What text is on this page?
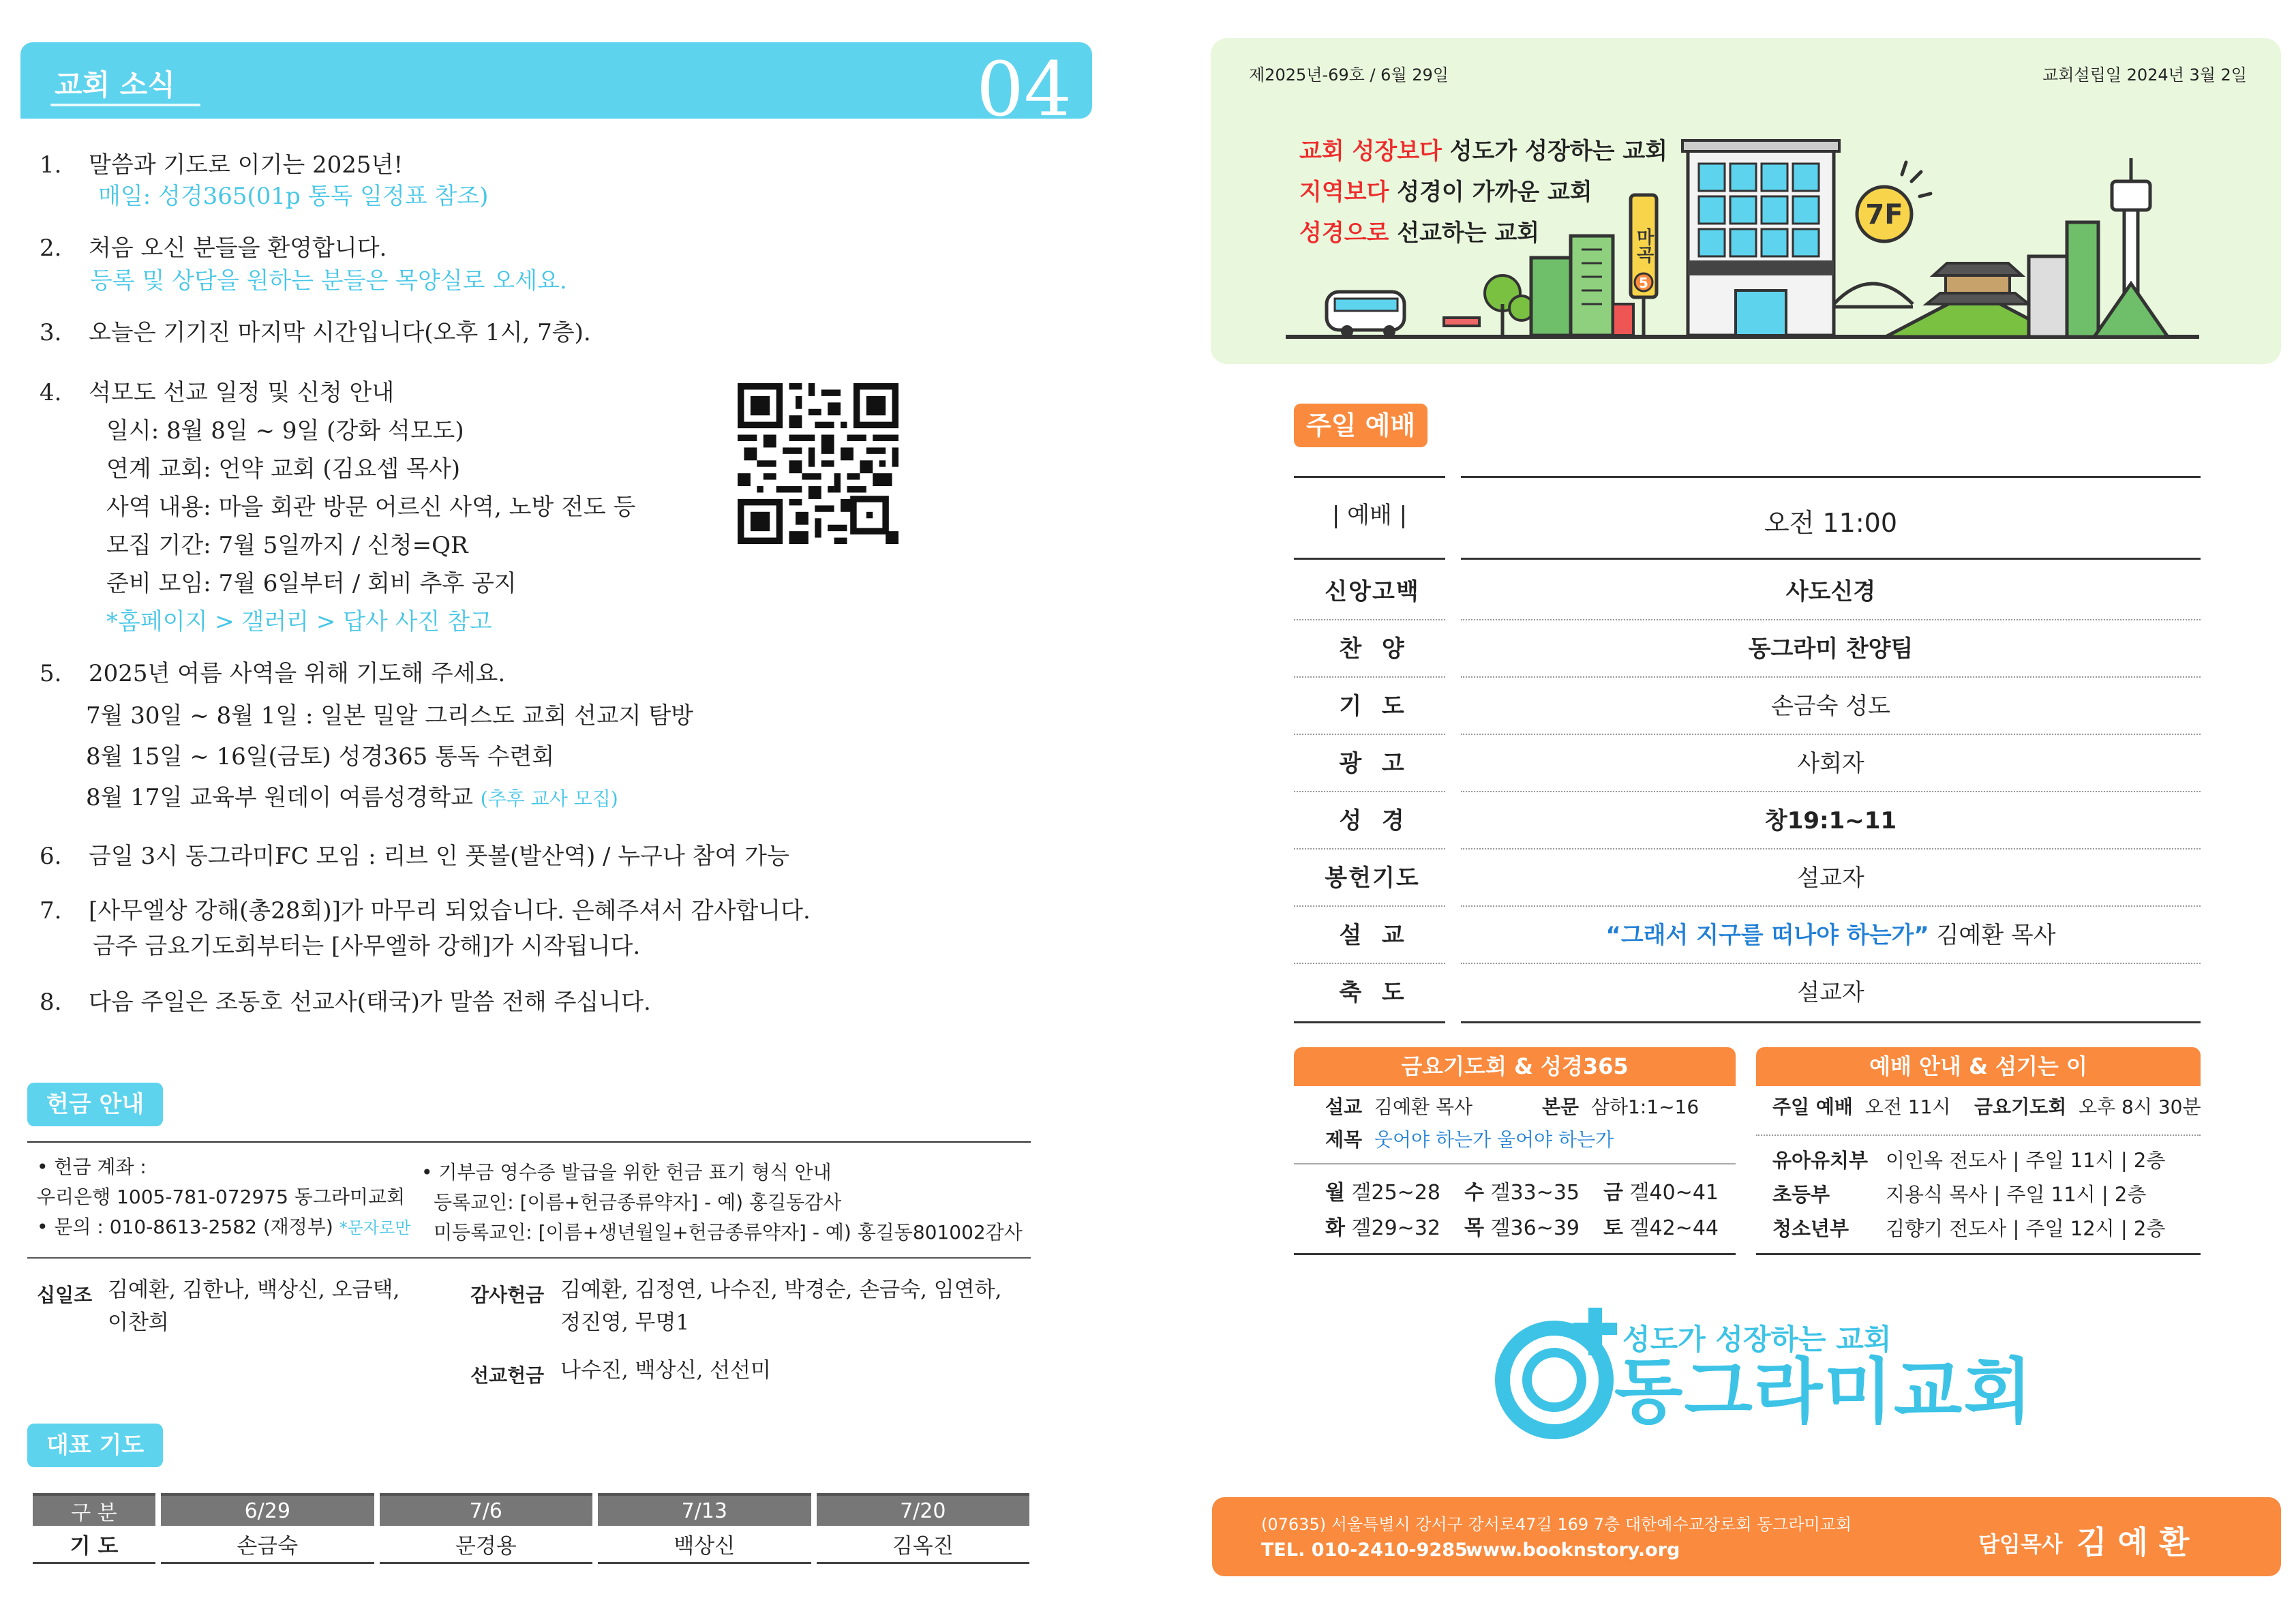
교회 소식	04
1. 말씀과 기도로 이기는 2025년!
매일: 성경365(01p 통독 일정표 참조)
2. 처음 오신 분들을 환영합니다.
등록 및 상담을 원하는 분들은 목양실로 오세요.
3. 오늘은 기기진 마지막 시간입니다(오후 1시, 7층).
4. 석모도 선교 일정 및 신청 안내
일시: 8월 8일 ~ 9일 (강화 석모도)
연계 교회: 언약 교회 (김요셉 목사)
사역 내용: 마을 회관 방문 어르신 사역, 노방 전도 등
모집 기간: 7월 5일까지 / 신청=QR
준비 모임: 7월 6일부터 / 회비 추후 공지
*홈페이지 > 갤러리 > 답사 사진 참고
5. 2025년 여름 사역을 위해 기도해 주세요.
7월 30일 ~ 8월 1일 : 일본 밀알 그리스도 교회 선교지 탐방
8월 15일 ~ 16일(금토) 성경365 통독 수련회
8월 17일 교육부 원데이 여름성경학교 (추후 교사 모집)
6. 금일 3시 동그라미FC 모임 : 리브 인 풋볼(발산역) / 누구나 참여 가능
7. [사무엘상 강해(총28회)]가 마무리 되었습니다. 은혜주셔서 감사합니다.
금주 금요기도회부터는 [사무엘하 강해]가 시작됩니다.
8. 다음 주일은 조동호 선교사(태국)가 말씀 전해 주십니다.
헌금 안내
• 헌금 계좌 :
우리은행 1005-781-072975 동그라미교회
• 문의 : 010-8613-2582 (재정부) *문자로만
• 기부금 영수증 발급을 위한 헌금 표기 형식 안내
등록교인: [이름+헌금종류약자] - 예) 홍길동감사
미등록교인: [이름+생년월일+헌금종류약자] - 예) 홍길동801002감사
십일조 김예환, 김한나, 백상신, 오금택,
이찬희
감사헌금 김예환, 김정연, 나수진, 박경순, 손금숙, 임연하,
정진영, 무명1
선교헌금 나수진, 백상신, 선선미
대표 기도
구 분	6/29	7/6	7/13	7/20
기 도	손금숙	문경용	백상신	김옥진
제2025년-69호 / 6월 29일	교회설립일 2024년 3월 2일
교회 성장보다 성도가 성장하는 교회
지역보다 성경이 가까운 교회
성경으로 선교하는 교회	마곡
5
7F
주일 예배
| 예배 |	오전 11:00
신앙고백	사도신경
찬  양	동그라미 찬양팀
기  도	손금숙 성도
광  고	사회자
성  경	창19:1~11
봉헌기도	설교자
설  교	“그래서 지구를 떠나야 하는가” 김예환 목사
축  도	설교자
금요기도회 & 성경365
설교 김예환 목사	본문 삼하1:1~16
제목 웃어야 하는가 울어야 하는가
월 겔25~28 수 겔33~35 금 겔40~41
화 겔29~32 목 겔36~39 토 겔42~44
예배 안내 & 섬기는 이
주일 예배 오전 11시 금요기도회 오후 8시 30분
유아유치부 이인옥 전도사 | 주일 11시 | 2층
초등부	지용식 목사 | 주일 11시 | 2층
청소년부 김향기 전도사 | 주일 12시 | 2층
성도가 성장하는 교회
동그라미교회
(07635) 서울특별시 강서구 강서로47길 169 7층 대한예수교장로회 동그라미교회
TEL. 010-2410-9285
www.booknstory.org	담임목사 김 예 환
